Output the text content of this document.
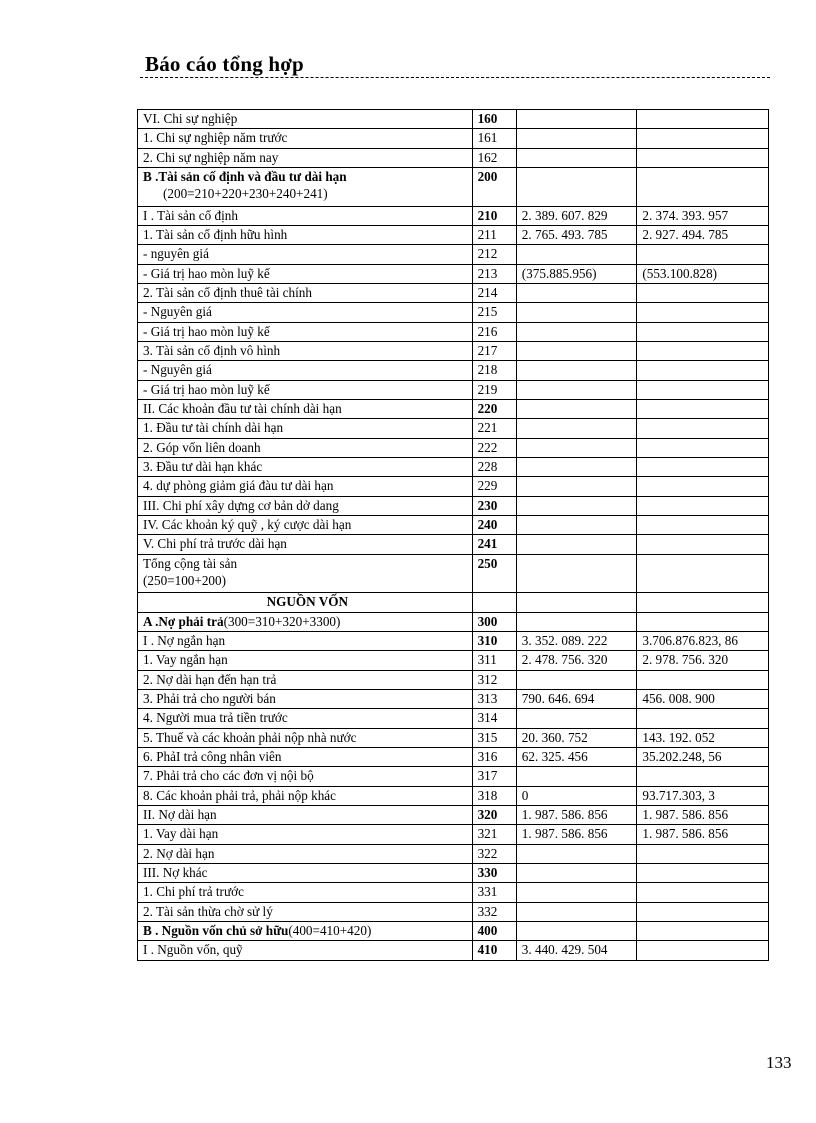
Báo cáo tổng hợp
VI. Chi sự nghiệp	160		
1. Chi sự nghiệp năm trước	161		
2. Chi sự nghiệp năm nay	162		
B .Tài sản cố định và đầu tư dài hạn
(200=210+220+230+240+241)	200		
I . Tài sản cố định	210	2. 389. 607. 829	2. 374. 393. 957
1. Tài sản cố định hữu hình	211	2. 765. 493. 785	2. 927. 494. 785
- nguyên giá	212		
- Giá trị hao mòn luỹ kế	213	(375.885.956)	(553.100.828)
2. Tài sản cố định thuê tài chính	214		
- Nguyên giá	215		
- Giá trị hao mòn luỹ kế	216		
3. Tài sản cố định vô hình	217		
- Nguyên giá	218		
- Giá trị hao mòn luỹ kế	219		
II. Các khoản đầu tư tài chính dài hạn	220		
1. Đầu tư tài chính dài hạn	221		
2. Góp vốn liên doanh	222		
3. Đầu tư dài hạn khác	228		
4. dự phòng giảm giá đàu tư dài hạn	229		
III. Chi phí xây dựng cơ bản dở dang	230		
IV. Các khoản ký quỹ , ký cược dài hạn	240		
V. Chi phí trả trước dài hạn	241		
Tổng cộng tài sản
(250=100+200)	250		
NGUỒN VỐN			
A .Nợ phải trả(300=310+320+3300)	300		
I . Nợ ngắn hạn	310	3. 352. 089. 222	3.706.876.823, 86
1. Vay ngắn hạn	311	2. 478. 756. 320	2. 978. 756. 320
2. Nợ dài hạn đến hạn trả	312		
3. Phải trả cho người bán	313	790. 646. 694	456. 008. 900
4. Người mua trả tiền trước	314		
5. Thuế và các khoản phải nộp nhà nước	315	20. 360. 752	143. 192. 052
6. PhảI trả công nhân viên	316	62. 325. 456	35.202.248, 56
7. Phải trả cho các đơn vị nội bộ	317		
8. Các khoản phải trả, phải nộp khác	318	0	93.717.303, 3
II. Nợ dài hạn	320	1. 987. 586. 856	1. 987. 586. 856
1. Vay dài hạn	321	1. 987. 586. 856	1. 987. 586. 856
2. Nợ dài hạn	322		
III. Nợ khác	330		
1. Chi phí trả trước	331		
2. Tài sản thừa chờ sử lý	332		
B . Nguồn vốn chủ sở hữu(400=410+420)	400		
I . Nguồn vốn, quỹ	410	3. 440. 429. 504	
133
